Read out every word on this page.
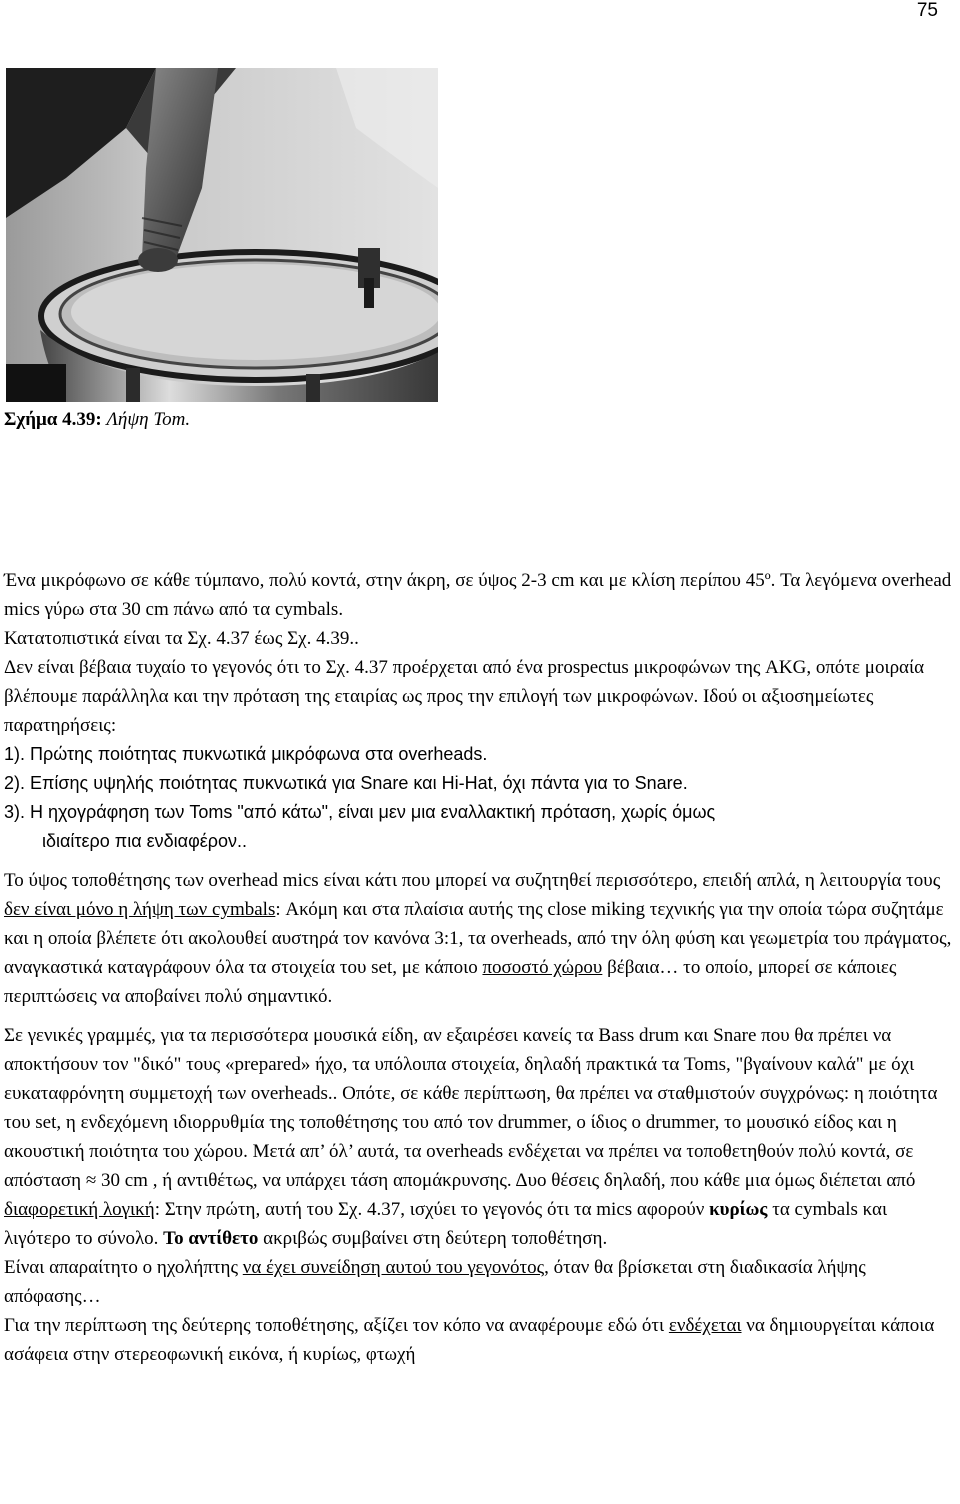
75
Σχήμα 4.39: Λήψη Tom.

Ένα μικρόφωνο σε κάθε τύμπανο, πολύ κοντά, στην άκρη, σε ύψος 2-3 cm και με κλίση περίπου 45º. Τα λεγόμενα overhead mics γύρω στα 30 cm πάνω από τα cymbals.

Κατατοπιστικά είναι τα Σχ. 4.37 έως Σχ. 4.39..

Δεν είναι βέβαια τυχαίο το γεγονός ότι το Σχ. 4.37 προέρχεται από ένα prospectus μικροφώνων της AKG, οπότε μοιραία βλέπουμε παράλληλα και την πρόταση της εταιρίας ως προς την επιλογή των μικροφώνων. Ιδού οι αξιοσημείωτες παρατηρήσεις:

1). Πρώτης ποιότητας πυκνωτικά μικρόφωνα στα overheads.

2). Επίσης υψηλής ποιότητας πυκνωτικά για Snare και Hi-Hat, όχι πάντα για το Snare.

3). Η ηχογράφηση των Toms "από κάτω", είναι μεν μια εναλλακτική πρόταση, χωρίς όμως

ιδιαίτερο πια ενδιαφέρον..

Το ύψος τοποθέτησης των overhead mics είναι κάτι που μπορεί να συζητηθεί περισσότερο, επειδή απλά, η λειτουργία τους δεν είναι μόνο η λήψη των cymbals: Ακόμη και στα πλαίσια αυτής της close miking τεχνικής για την οποία τώρα συζητάμε και η οποία βλέπετε ότι ακολουθεί αυστηρά τον κανόνα 3:1, τα overheads, από την όλη φύση και γεωμετρία του πράγματος, αναγκαστικά καταγράφουν όλα τα στοιχεία του set, με κάποιο ποσοστό χώρου βέβαια… το οποίο, μπορεί σε κάποιες περιπτώσεις να αποβαίνει πολύ σημαντικό.

Σε γενικές γραμμές, για τα περισσότερα μουσικά είδη, αν εξαιρέσει κανείς τα Bass drum και Snare που θα πρέπει να αποκτήσουν τον "δικό" τους «prepared» ήχο, τα υπόλοιπα στοιχεία, δηλαδή πρακτικά τα Toms, "βγαίνουν καλά" με όχι ευκαταφρόνητη συμμετοχή των overheads.. Οπότε, σε κάθε περίπτωση, θα πρέπει να σταθμιστούν συγχρόνως: η ποιότητα του set, η ενδεχόμενη ιδιορρυθμία της τοποθέτησης του από τον drummer, ο ίδιος ο drummer, το μουσικό είδος και η ακουστική ποιότητα του χώρου. Μετά απ’ όλ’ αυτά, τα overheads ενδέχεται να πρέπει να τοποθετηθούν πολύ κοντά, σε απόσταση ≈ 30 cm , ή αντιθέτως, να υπάρχει τάση απομάκρυνσης. Δυο θέσεις δηλαδή, που κάθε μια όμως διέπεται από διαφορετική λογική: Στην πρώτη, αυτή του Σχ. 4.37, ισχύει το γεγονός ότι τα mics αφορούν κυρίως τα cymbals και λιγότερο το σύνολο. Το αντίθετο ακριβώς συμβαίνει στη δεύτερη τοποθέτηση.

Είναι απαραίτητο ο ηχολήπτης να έχει συνείδηση αυτού του γεγονότος, όταν θα βρίσκεται στη διαδικασία λήψης απόφασης…

Για την περίπτωση της δεύτερης τοποθέτησης, αξίζει τον κόπο να αναφέρουμε εδώ ότι ενδέχεται να δημιουργείται κάποια ασάφεια στην στερεοφωνική εικόνα, ή κυρίως, φτωχή
